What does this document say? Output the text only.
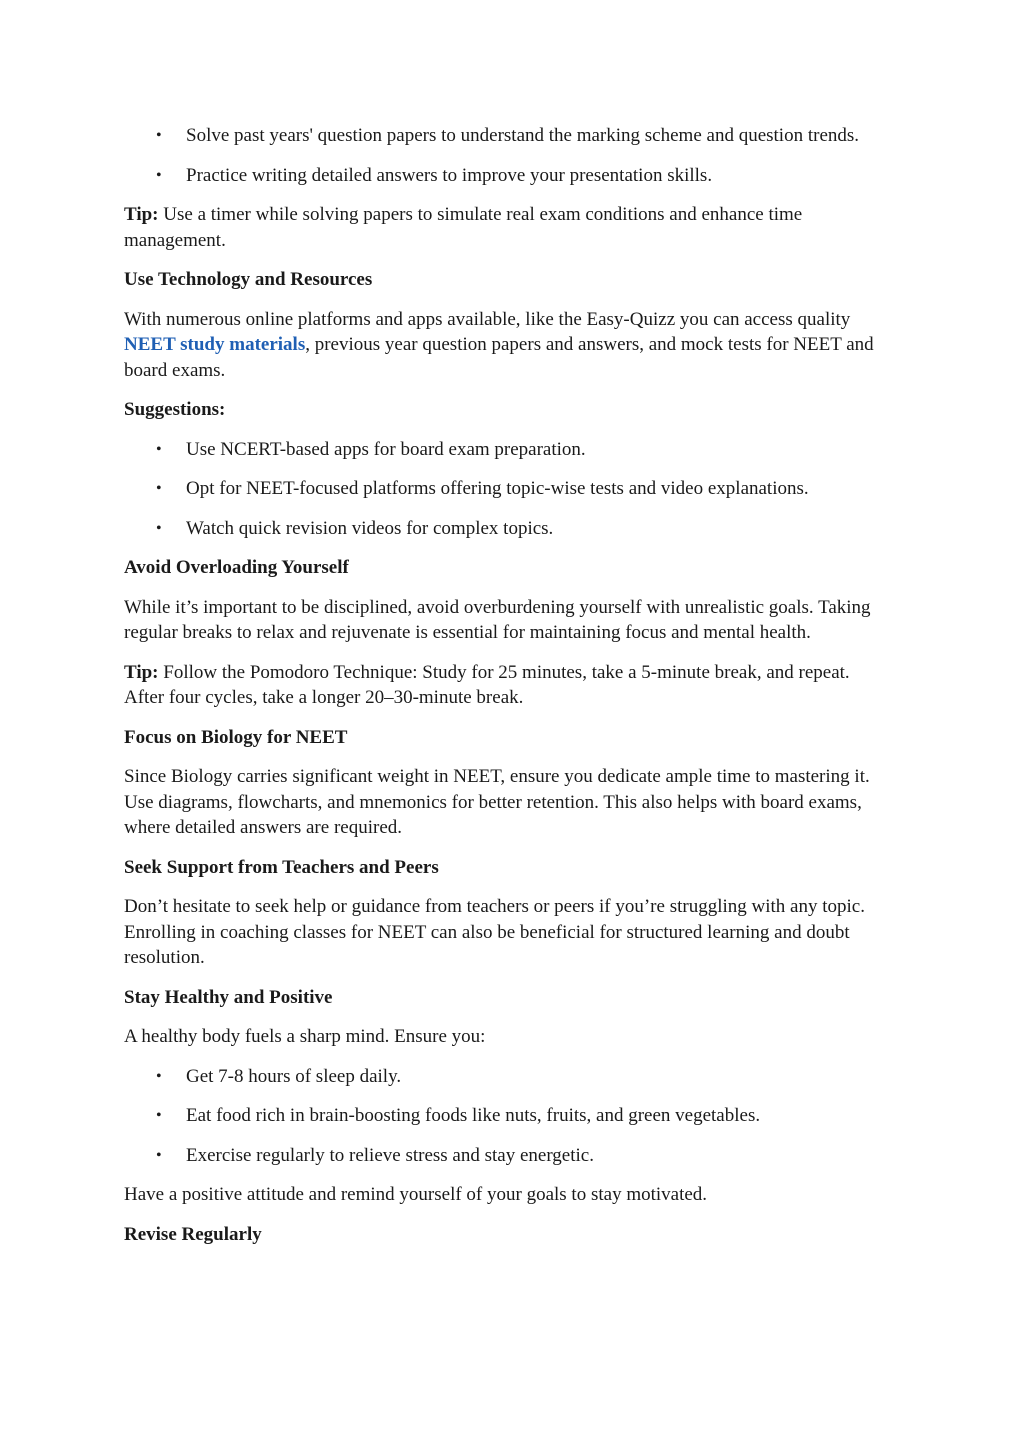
• Solve past years' question papers to understand the marking scheme and question trends.
• Practice writing detailed answers to improve your presentation skills.

Tip: Use a timer while solving papers to simulate real exam conditions and enhance time management.

Use Technology and Resources

With numerous online platforms and apps available, like the Easy-Quizz you can access quality NEET study materials, previous year question papers and answers, and mock tests for NEET and board exams.

Suggestions:
• Use NCERT-based apps for board exam preparation.
• Opt for NEET-focused platforms offering topic-wise tests and video explanations.
• Watch quick revision videos for complex topics.
Avoid Overloading Yourself

While it’s important to be disciplined, avoid overburdening yourself with unrealistic goals. Taking regular breaks to relax and rejuvenate is essential for maintaining focus and mental health.

Tip: Follow the Pomodoro Technique: Study for 25 minutes, take a 5-minute break, and repeat. After four cycles, take a longer 20–30-minute break.

Focus on Biology for NEET

Since Biology carries significant weight in NEET, ensure you dedicate ample time to mastering it. Use diagrams, flowcharts, and mnemonics for better retention. This also helps with board exams, where detailed answers are required.

Seek Support from Teachers and Peers

Don’t hesitate to seek help or guidance from teachers or peers if you’re struggling with any topic. Enrolling in coaching classes for NEET can also be beneficial for structured learning and doubt resolution.

Stay Healthy and Positive

A healthy body fuels a sharp mind. Ensure you:

• Get 7-8 hours of sleep daily.
• Eat food rich in brain-boosting foods like nuts, fruits, and green vegetables.
• Exercise regularly to relieve stress and stay energetic.

Have a positive attitude and remind yourself of your goals to stay motivated.

Revise Regularly
